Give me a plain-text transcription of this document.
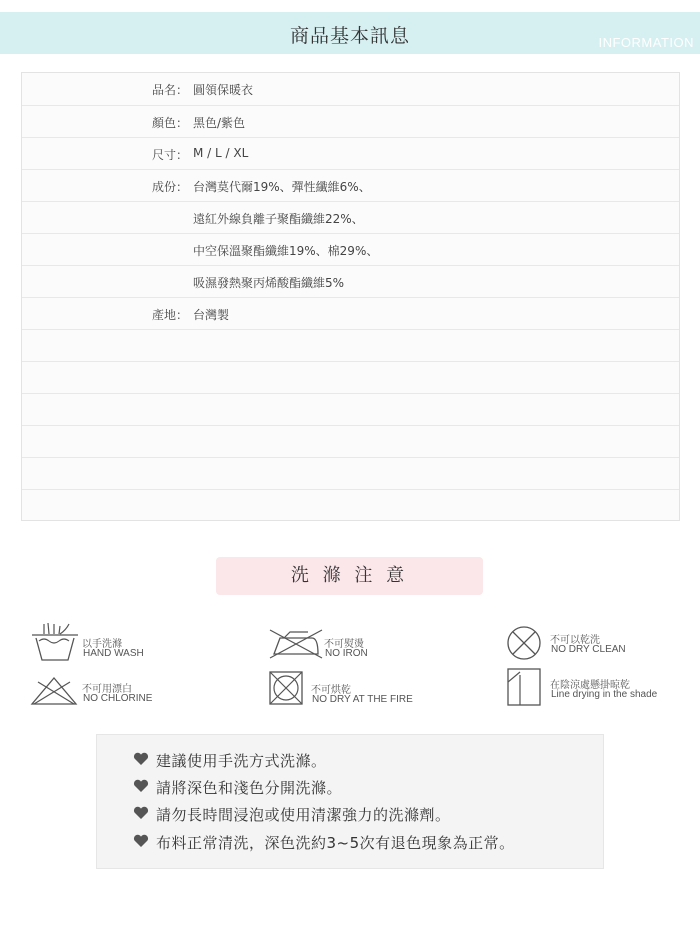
商品基本訊息	INFORMATION
品名： 圓領保暖衣
顏色： 黑色/紫色
尺寸： M / L / XL
成份： 台灣莫代爾19%、彈性纖維6%、
遠紅外線負離子聚酯纖維22%、
中空保溫聚酯纖維19%、棉29%、
吸濕發熱聚丙烯酸酯纖維5%
產地： 台灣製
洗 滌 注 意
以手洗滌
HAND WASH
不可熨燙
NO IRON
不可以乾洗
NO DRY CLEAN
不可用漂白
NO CHLORINE
不可烘乾
NO DRY AT THE FIRE
在陰涼處懸掛晾乾
Line drying in the shade
建議使用手洗方式洗滌。
請將深色和淺色分開洗滌。
請勿長時間浸泡或使用清潔強力的洗滌劑。
布料正常清洗，深色洗約3~5次有退色現象為正常。
